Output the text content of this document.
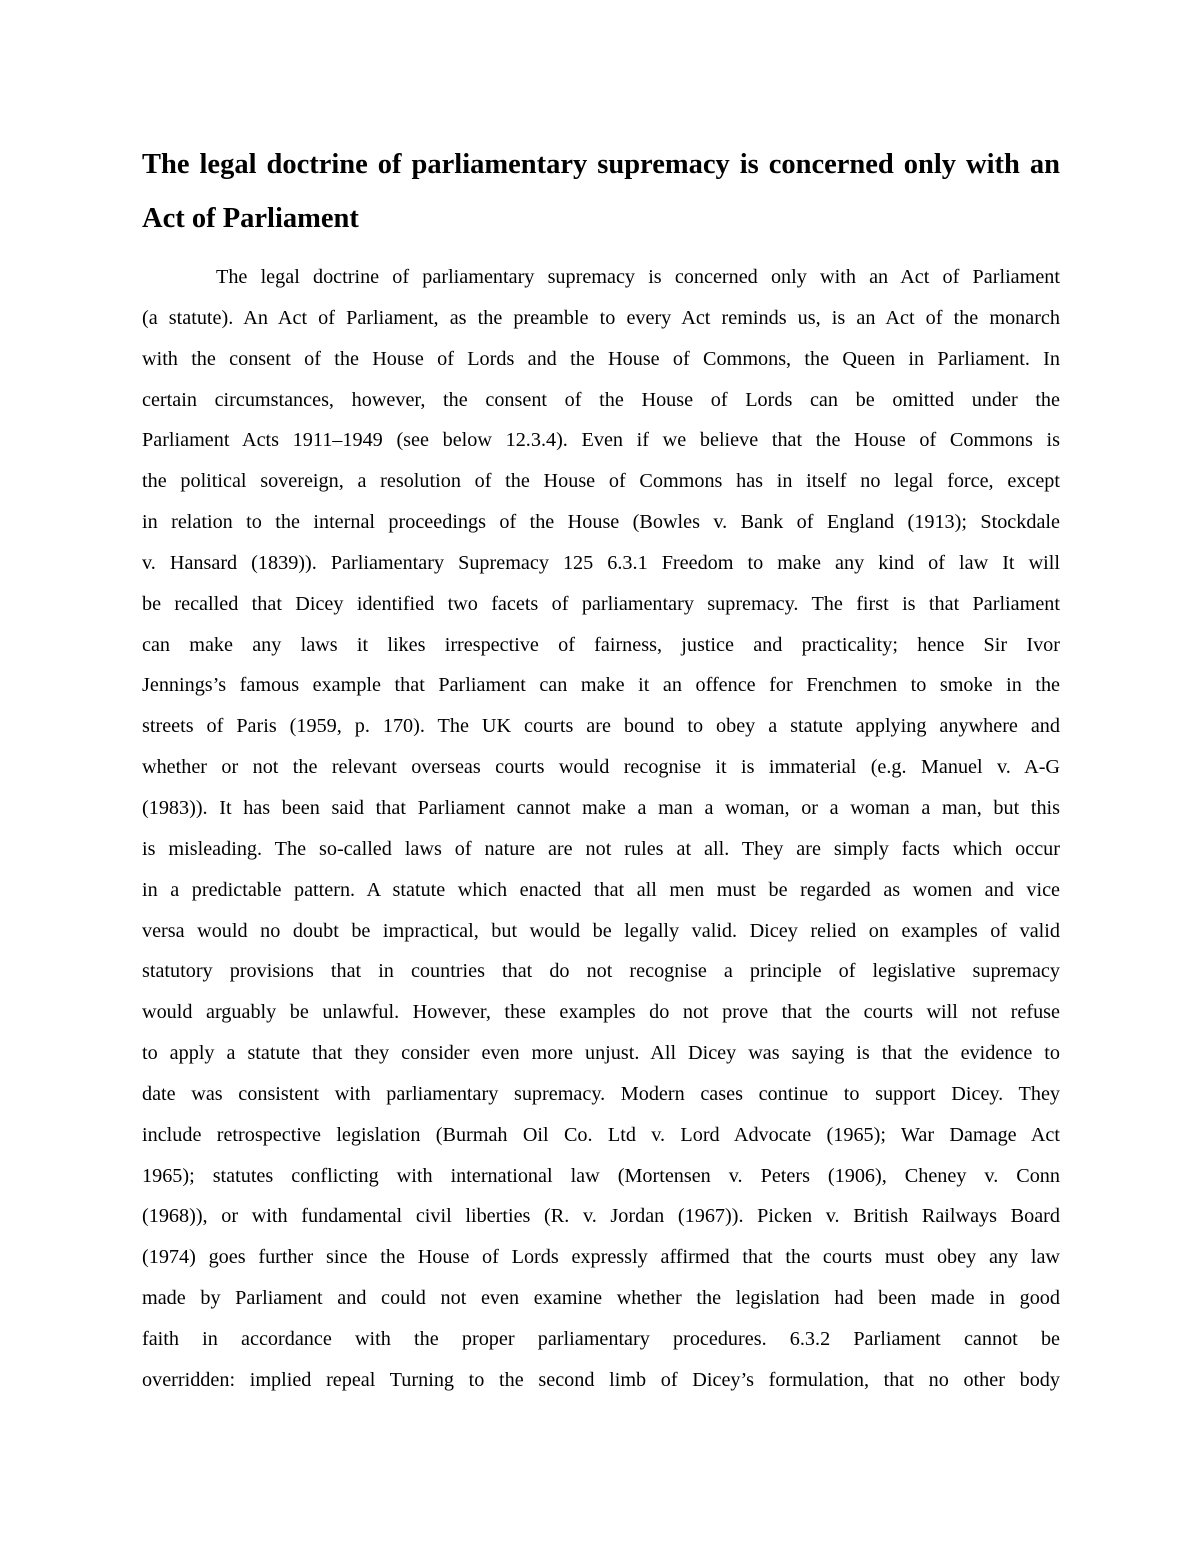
The legal doctrine of parliamentary supremacy is concerned only with an Act of Parliament
The legal doctrine of parliamentary supremacy is concerned only with an Act of Parliament
(a statute). An Act of Parliament, as the preamble to every Act reminds us, is an Act of the monarch
with the consent of the House of Lords and the House of Commons, the Queen in Parliament. In
certain circumstances, however, the consent of the House of Lords can be omitted under the
Parliament Acts 1911–1949 (see below 12.3.4). Even if we believe that the House of Commons is
the political sovereign, a resolution of the House of Commons has in itself no legal force, except
in relation to the internal proceedings of the House (Bowles v. Bank of England (1913); Stockdale
v. Hansard (1839)). Parliamentary Supremacy 125 6.3.1 Freedom to make any kind of law It will
be recalled that Dicey identified two facets of parliamentary supremacy. The first is that Parliament
can make any laws it likes irrespective of fairness, justice and practicality; hence Sir Ivor
Jennings’s famous example that Parliament can make it an offence for Frenchmen to smoke in the
streets of Paris (1959, p. 170). The UK courts are bound to obey a statute applying anywhere and
whether or not the relevant overseas courts would recognise it is immaterial (e.g. Manuel v. A-G
(1983)). It has been said that Parliament cannot make a man a woman, or a woman a man, but this
is misleading. The so-called laws of nature are not rules at all. They are simply facts which occur
in a predictable pattern. A statute which enacted that all men must be regarded as women and vice
versa would no doubt be impractical, but would be legally valid. Dicey relied on examples of valid
statutory provisions that in countries that do not recognise a principle of legislative supremacy
would arguably be unlawful. However, these examples do not prove that the courts will not refuse
to apply a statute that they consider even more unjust. All Dicey was saying is that the evidence to
date was consistent with parliamentary supremacy. Modern cases continue to support Dicey. They
include retrospective legislation (Burmah Oil Co. Ltd v. Lord Advocate (1965); War Damage Act
1965); statutes conflicting with international law (Mortensen v. Peters (1906), Cheney v. Conn
(1968)), or with fundamental civil liberties (R. v. Jordan (1967)). Picken v. British Railways Board
(1974) goes further since the House of Lords expressly affirmed that the courts must obey any law
made by Parliament and could not even examine whether the legislation had been made in good
faith in accordance with the proper parliamentary procedures. 6.3.2 Parliament cannot be
overridden: implied repeal Turning to the second limb of Dicey’s formulation, that no other body
